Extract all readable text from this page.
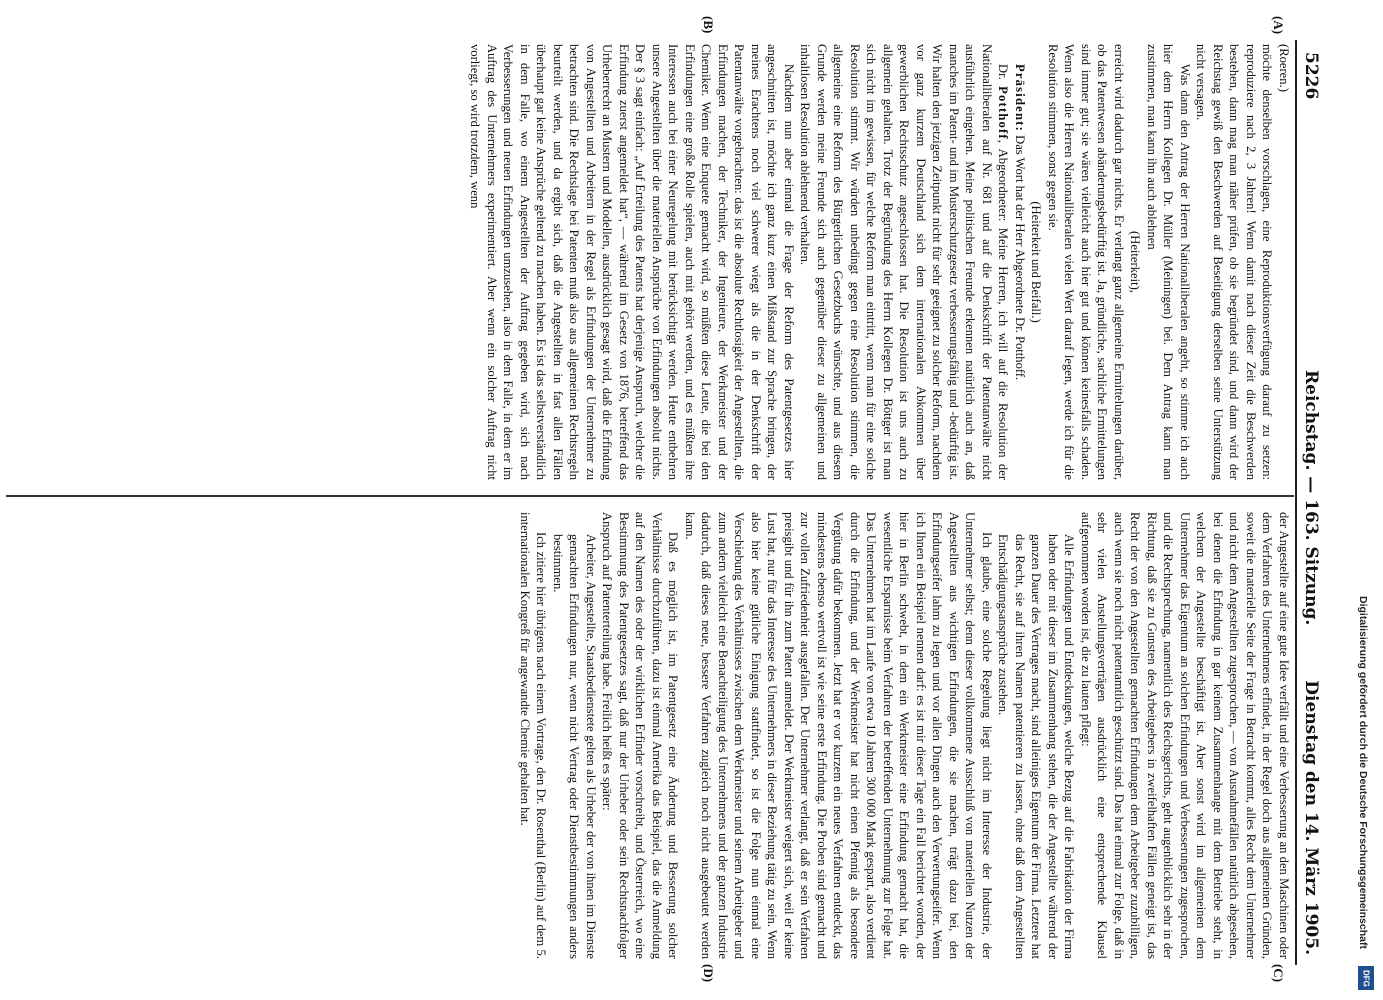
5226
Reichstag. — 163. Sitzung.
Dienstag den 14. März 1905.
(A)
(B)
(C)
(D)

(Roeren.)

möchte denselben vorschlagen, eine Reproduktionsverfügung darauf zu setzen: reproduziere nach 2, 3 Jahren! Wenn damit nach dieser Zeit die Beschwerden bestehen, dann mag man näher prüfen, ob sie begründet sind, und dann wird der Reichstag gewiß den Beschwerden auf Beseitigung derselben seine Unterstützung nicht versagen.

Was dann den Antrag der Herren Nationalliberalen angeht, so stimme ich auch hier dem Herrn Kollegen Dr. Müller (Meiningen) bei. Dem Antrag kann man zustimmen, man kann ihn auch ablehnen

(Heiterkeit),

erreicht wird dadurch gar nichts. Er verlangt ganz allgemeine Ermittelungen darüber, ob das Patentwesen abänderungsbedürftig ist. Ja, gründliche, sachliche Ermittelungen sind immer gut; sie wären vielleicht auch hier gut und können keinesfalls schaden. Wenn also die Herren Nationalliberalen vielen Wert darauf legen, werde ich für die Resolution stimmen, sonst gegen sie.

(Heiterkeit und Beifall.)

Präsident: Das Wort hat der Herr Abgeordnete Dr. Potthoff.

Dr. Potthoff, Abgeordneter: Meine Herren, ich will auf die Resolution der Nationalliberalen auf Nr. 681 und auf die Denkschrift der Patentanwälte nicht ausführlich eingehen. Meine politischen Freunde erkennen natürlich auch an, daß manches im Patent- und im Musterschutzgesetz verbesserungsfähig und -bedürftig ist. Wir halten den jetzigen Zeitpunkt nicht für sehr geeignet zu solcher Reform, nachdem vor ganz kurzem Deutschland sich dem internationalen Abkommen über gewerblichen Rechtsschutz angeschlossen hat. Die Resolution ist uns auch zu allgemein gehalten. Trotz der Begründung des Herrn Kollegen Dr. Böttger ist man sich nicht im gewissen, für welche Reform man eintritt, wenn man für eine solche Resolution stimmt. Wir würden unbedingt gegen eine Resolution stimmen, die allgemeine eine Reform des Bürgerlichen Gesetzbuchs wünschte, und aus diesem Grunde werden meine Freunde sich auch gegenüber dieser zu allgemeinen und inhaltlosen Resolution ablehnend verhalten.

Nachdem nun aber einmal die Frage der Reform des Patentgesetzes hier angeschnitten ist, möchte ich ganz kurz einen Mißstand zur Sprache bringen, der meines Erachtens noch viel schwerer wiegt als die in der Denkschrift der Patentanwälte vorgebrachten: das ist die absolute Rechtlosigkeit der Angestellten, die Erfindungen machen, der Techniker, der Ingenieure, der Werkmeister und der Chemiker. Wenn eine Enquete gemacht wird, so müßten diese Leute, die bei den Erfindungen eine große Rolle spielen, auch mit gehört werden, und es müßten ihre Interessen auch bei einer Neuregelung mit berücksichtigt werden. Heute entbehren unsere Angestellten über die materiellen Ansprüche von Erfindungen absolut nichts. Der § 3 sagt einfach: „Auf Erteilung des Patents hat derjenige Anspruch, welcher die Erfindung zuerst angemeldet hat“, — während im Gesetz von 1876, betreffend das Urheberrecht an Mustern und Modellen, ausdrücklich gesagt wird, daß die Erfindung von Angestellten und Arbeitern in der Regel als Erfindungen der Unternehmer zu betrachten sind. Die Rechtslage bei Patenten muß also aus allgemeinen Rechtsregeln beurteilt werden, und da ergibt sich, daß die Angestellten in fast allen Fällen überhaupt gar keine Ansprüche geltend zu machen haben. Es ist das selbstverständlich in dem Falle, wo einem Angestellten der Auftrag gegeben wird, sich nach Verbesserungen und neuen Erfindungen umzusehen, also in dem Falle, in dem er im Auftrag des Unternehmers experimentiert. Aber wenn ein solcher Auftrag nicht vorliegt, so wird trotzdem, wenn

der Angestellte auf eine gute Idee verfällt und eine Verbesserung an den Maschinen oder dem Verfahren des Unternehmens erfindet, in der Regel doch aus allgemeinen Gründen, soweit die materielle Seite der Frage in Betracht kommt, alles Recht dem Unternehmer und nicht dem Angestellten zugesprochen, — von Ausnahmefällen natürlich abgesehen, bei denen die Erfindung in gar keinem Zusammenhange mit dem Betriebe steht, in welchem der Angestellte beschäftigt ist. Aber sonst wird im allgemeinen dem Unternehmer das Eigentum an solchen Erfindungen und Verbesserungen zugesprochen, und die Rechtsprechung, namentlich des Reichsgerichts, geht augenblicklich sehr in der Richtung, daß sie zu Gunsten des Arbeitgebers in zweifelhaften Fällen geneigt ist, das Recht der von den Angestellten gemachten Erfindungen dem Arbeitgeber zuzubilligen, auch wenn sie noch nicht patentamtlich geschützt sind. Das hat einmal zur Folge, daß in sehr vielen Anstellungsverträgen ausdrücklich eine entsprechende Klausel aufgenommen worden ist, die zu lauten pflegt:

Alle Erfindungen und Entdeckungen, welche Bezug auf die Fabrikation der Firma haben oder mit dieser im Zusammenhang stehen, die der Angestellte während der ganzen Dauer des Vertrages macht, sind alleiniges Eigentum der Firma. Letztere hat das Recht, sie auf ihren Namen patentieren zu lassen, ohne daß dem Angestellten Entschädigungsansprüche zustehen.

Ich glaube, eine solche Regelung liegt nicht im Interesse der Industrie, der Unternehmer selbst; denn dieser vollkommene Ausschluß von materiellen Nutzen der Angestellten aus wichtigen Erfindungen, die sie machen, trägt dazu bei, den Erfindungseifer lahm zu legen und vor allen Dingen auch den Verwertungseifer. Wenn ich Ihnen ein Beispiel nennen darf: es ist mir dieser Tage ein Fall berichtet worden, der hier in Berlin schwebt, in dem ein Werkmeister eine Erfindung gemacht hat, die wesentliche Ersparnisse beim Verfahren der betreffenden Unternehmung zur Folge hat. Das Unternehmen hat im Laufe von etwa 10 Jahren 300 000 Mark gespart, also verdient durch die Erfindung, und der Werkmeister hat nicht einen Pfennig als besondere Vergütung dafür bekommen. Jetzt hat er vor kurzem ein neues Verfahren entdeckt, das mindestens ebenso wertvoll ist wie seine erste Erfindung. Die Proben sind gemacht und zur vollen Zufriedenheit ausgefallen. Der Unternehmer verlangt, daß er sein Verfahren preisgibt und für ihn zum Patent anmeldet. Der Werkmeister weigert sich, weil er keine Lust hat, nur für das Interesse des Unternehmers in dieser Beziehung tätig zu sein. Wenn also hier keine gütliche Einigung stattfindet, so ist die Folge nun einmal eine Verschiebung des Verhältnisses zwischen dem Werkmeister und seinem Arbeitgeber und zum andern vielleicht eine Benachteiligung des Unternehmens und der ganzen Industrie dadurch, daß dieses neue, bessere Verfahren zugleich noch nicht ausgebeutet werden kann.

Daß es möglich ist, im Patentgesetz eine Änderung und Besserung solcher Verhältnisse durchzuführen, dazu ist einmal Amerika das Beispiel, das die Anmeldung auf den Namen des oder der wirklichen Erfinder vorschreibt, und Österreich, wo eine Bestimmung des Patentgesetzes sagt, daß nur der Urheber oder sein Rechtsnachfolger Anspruch auf Patenterteilung habe. Freilich heißt es später:

Arbeiter, Angestellte, Staatsbedienstete gelten als Urheber der von ihnen im Dienste gemachten Erfindungen nur, wenn nicht Vertrag oder Dienstbestimmungen anders bestimmen.

Ich zitiere hier übrigens nach einem Vortrage, den Dr. Rosenthal (Berlin) auf dem 5. internationalen Kongreß für angewandte Chemie gehalten hat.	Digitalisierung gefördert durch die Deutsche Forschungsgemeinschaft
DFG
